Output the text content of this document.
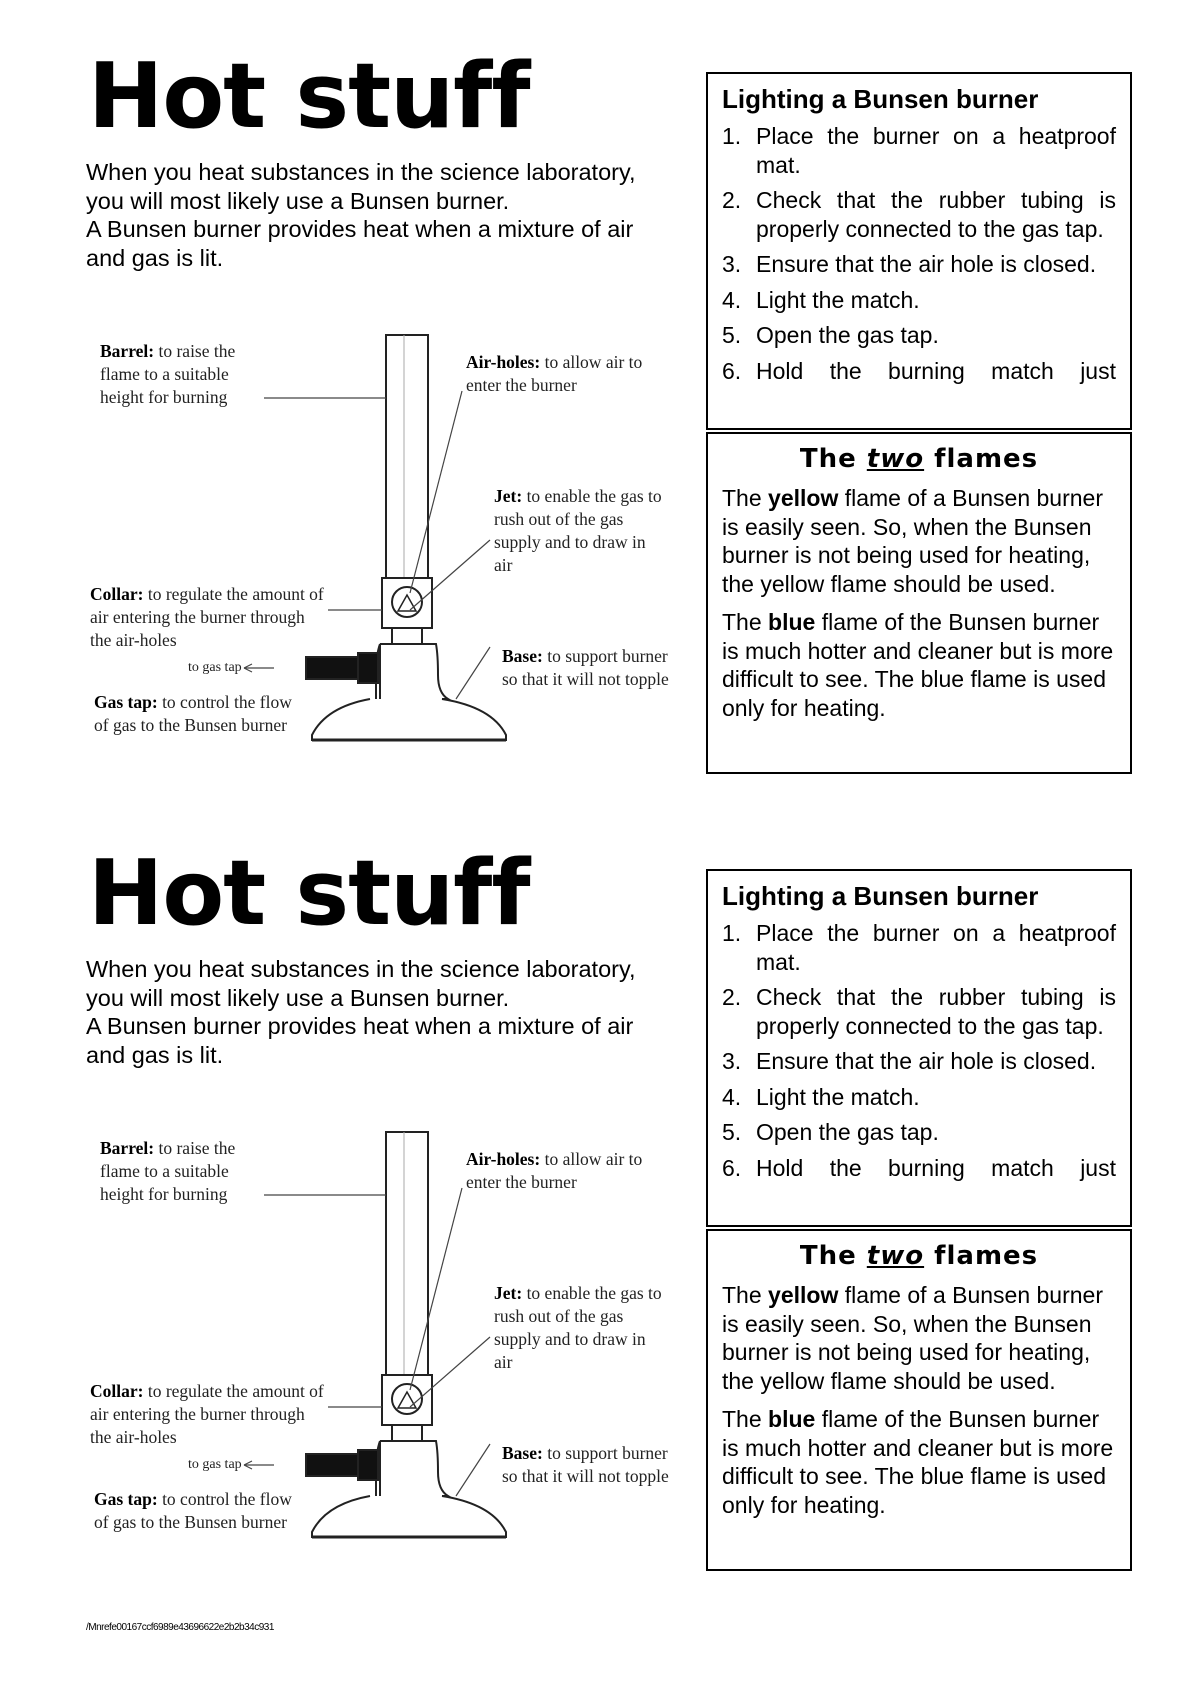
Hot stuff

When you heat substances in the science laboratory, you will most likely use a Bunsen burner.

A Bunsen burner provides heat when a mixture of air and gas is lit.

Barrel: to raise the flame to a suitable height for burning
Air-holes: to allow air to enter the burner
Jet: to enable the gas to rush out of the gas supply and to draw in air
Collar: to regulate the amount of air entering the burner through the air-holes
to gas tap
Base: to support burner so that it will not topple
Gas tap: to control the flow of gas to the Bunsen burner
Lighting a Bunsen burner
1. Place the burner on a heatproof mat.
2. Check that the rubber tubing is properly connected to the gas tap.
3. Ensure that the air hole is closed.
4. Light the match.
5. Open the gas tap.
6. Hold the burning match just
The two flames

The yellow flame of a Bunsen burner is easily seen. So, when the Bunsen burner is not being used for heating, the yellow flame should be used.

The blue flame of the Bunsen burner is much hotter and cleaner but is more difficult to see. The blue flame is used only for heating.

Hot stuff

When you heat substances in the science laboratory, you will most likely use a Bunsen burner.

A Bunsen burner provides heat when a mixture of air and gas is lit.

Barrel: to raise the flame to a suitable height for burning
Air-holes: to allow air to enter the burner
Jet: to enable the gas to rush out of the gas supply and to draw in air
Collar: to regulate the amount of air entering the burner through the air-holes
to gas tap
Base: to support burner so that it will not topple
Gas tap: to control the flow of gas to the Bunsen burner
Lighting a Bunsen burner
1. Place the burner on a heatproof mat.
2. Check that the rubber tubing is properly connected to the gas tap.
3. Ensure that the air hole is closed.
4. Light the match.
5. Open the gas tap.
6. Hold the burning match just
The two flames

The yellow flame of a Bunsen burner is easily seen. So, when the Bunsen burner is not being used for heating, the yellow flame should be used.

The blue flame of the Bunsen burner is much hotter and cleaner but is more difficult to see. The blue flame is used only for heating.

/Mnrefe00167ccf6989e43696622e2b2b34c931
